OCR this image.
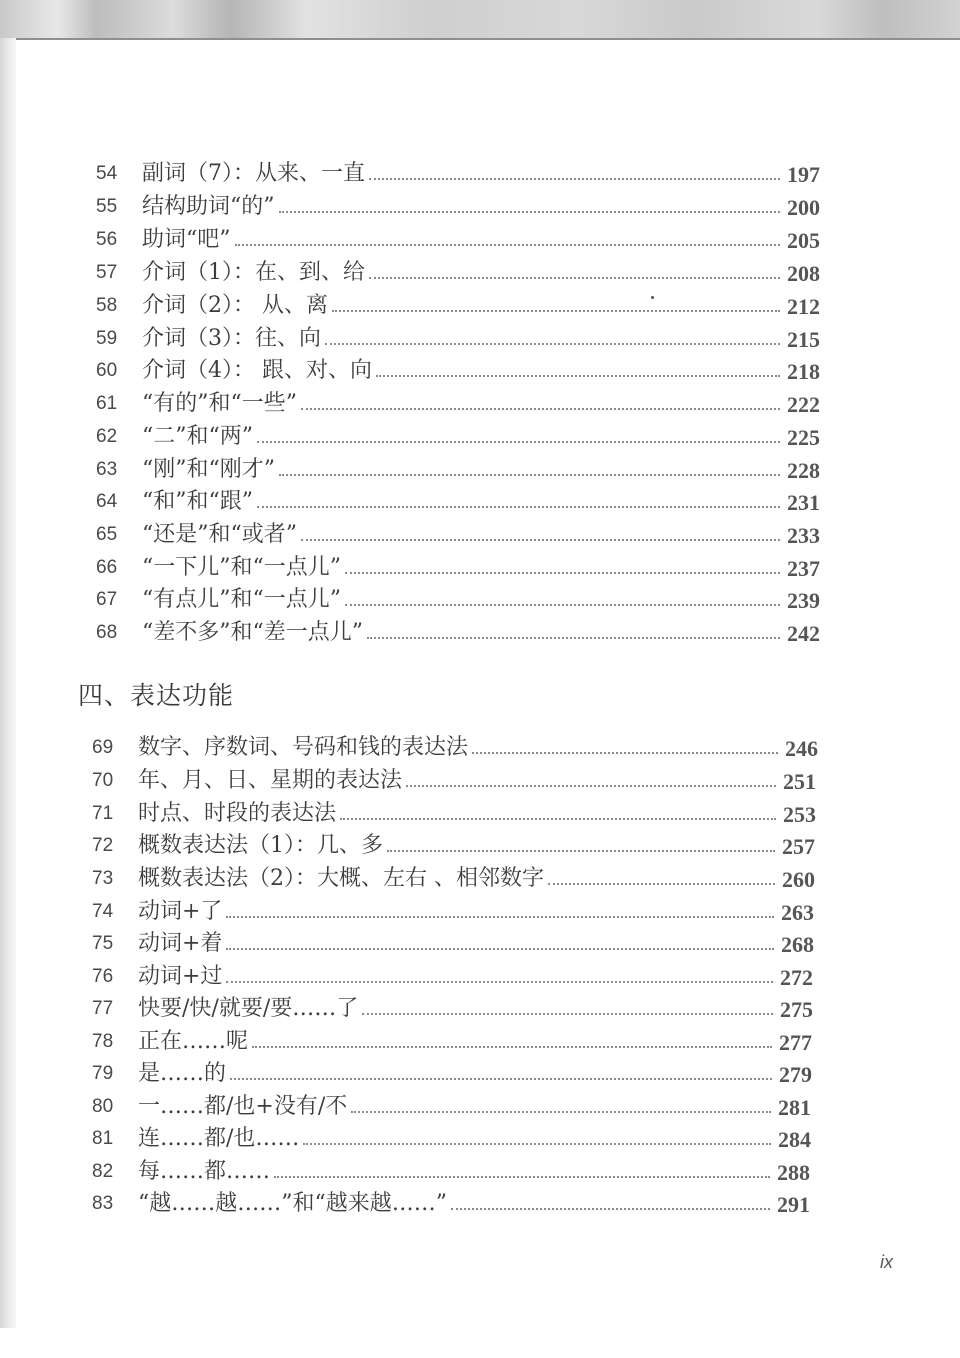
54	副词（7）：从来、一直	197
55	结构助词“的”	200
56	助词“吧”	205
57	介词（1）：在、到、给	208
58	介词（2）： 从、离	212
59	介词（3）：往、向	215
60	介词（4）： 跟、对、向	218
61	“有的”和“一些”	222
62	“二”和“两”	225
63	“刚”和“刚才”	228
64	“和”和“跟”	231
65	“还是”和“或者”	233
66	“一下儿”和“一点儿”	237
67	“有点儿”和“一点儿”	239
68	“差不多”和“差一点儿”	242
四、表达功能
69	数字、序数词、号码和钱的表达法	246
70	年、月、日、星期的表达法	251
71	时点、时段的表达法	253
72	概数表达法（1）：几、多	257
73	概数表达法（2）：大概、左右 、相邻数字	260
74	动词+了	263
75	动词+着	268
76	动词+过	272
77	快要/快/就要/要……了	275
78	正在……呢	277
79	是……的	279
80	一……都/也+没有/不	281
81	连……都/也……	284
82	每……都……	288
83	“越……越……”和“越来越……”	291
ix
